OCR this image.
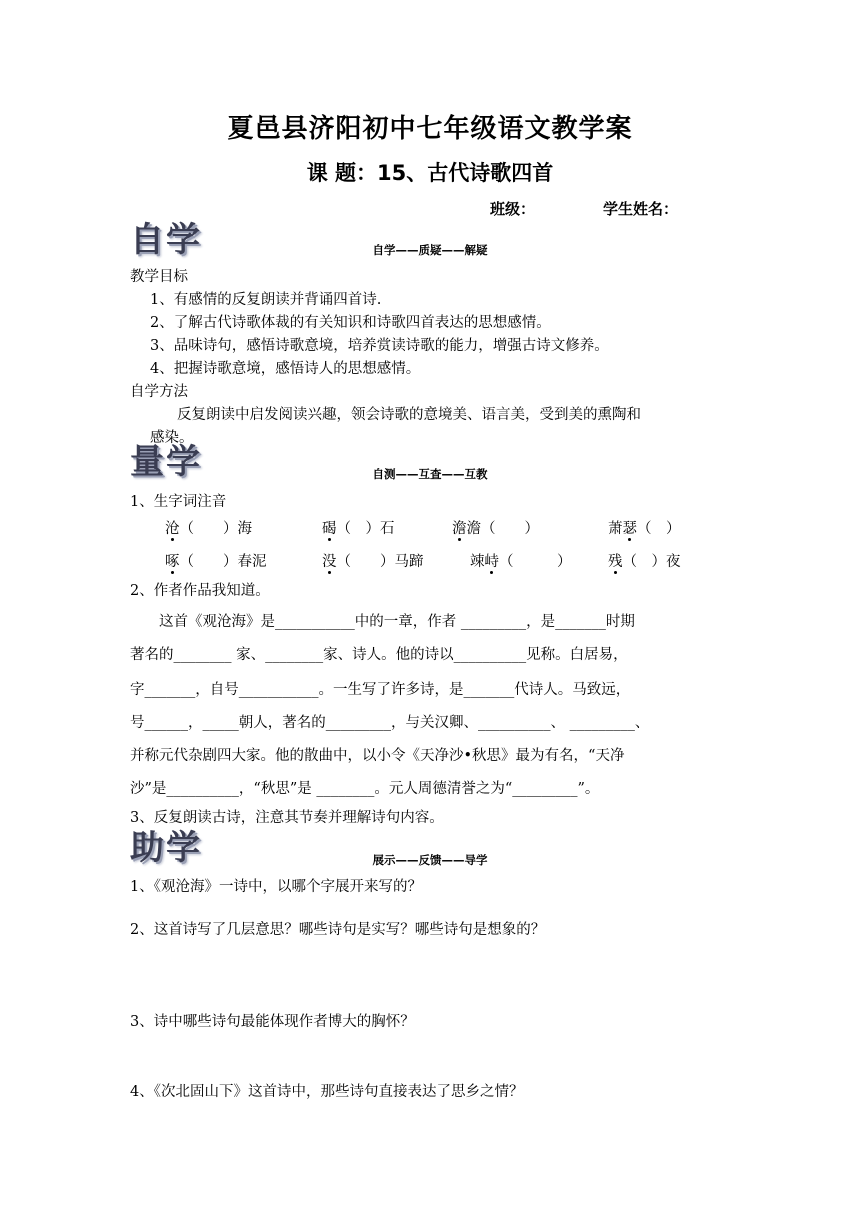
夏邑县济阳初中七年级语文教学案
课 题：15、古代诗歌四首
班级：	学生姓名：
自学	自学——质疑——解疑
教学目标
1、有感情的反复朗读并背诵四首诗.
2、了解古代诗歌体裁的有关知识和诗歌四首表达的思想感情。
3、品味诗句，感悟诗歌意境，培养赏读诗歌的能力，增强古诗文修养。
4、把握诗歌意境，感悟诗人的思想感情。
自学方法
反复朗读中启发阅读兴趣，领会诗歌的意境美、语言美，受到美的熏陶和
感染。
量学	自测——互查——互教
1、生字词注音
沧（　　）海	碣（　）石	澹澹（　　）	萧瑟（　）
啄（　　）春泥	没（　　）马蹄	竦峙（　　　）	残（　）夜
2、作者作品我知道。
　　这首《观沧海》是___________中的一章，作者 _________，是_______时期
著名的________ 家、________家、诗人。他的诗以__________见称。白居易，
字_______，自号___________。一生写了许多诗，是_______代诗人。马致远，
号______，_____朝人，著名的_________，与关汉卿、__________、 _________、
并称元代杂剧四大家。他的散曲中，以小令《天净沙•秋思》最为有名，“天净
沙”是__________，“秋思”是 ________。元人周德清誉之为“_________”。
3、反复朗读古诗，注意其节奏并理解诗句内容。
助学	展示——反馈——导学
1、《观沧海》一诗中，以哪个字展开来写的？
2、这首诗写了几层意思？哪些诗句是实写？哪些诗句是想象的？
3、诗中哪些诗句最能体现作者博大的胸怀？
4、《次北固山下》这首诗中，那些诗句直接表达了思乡之情？
